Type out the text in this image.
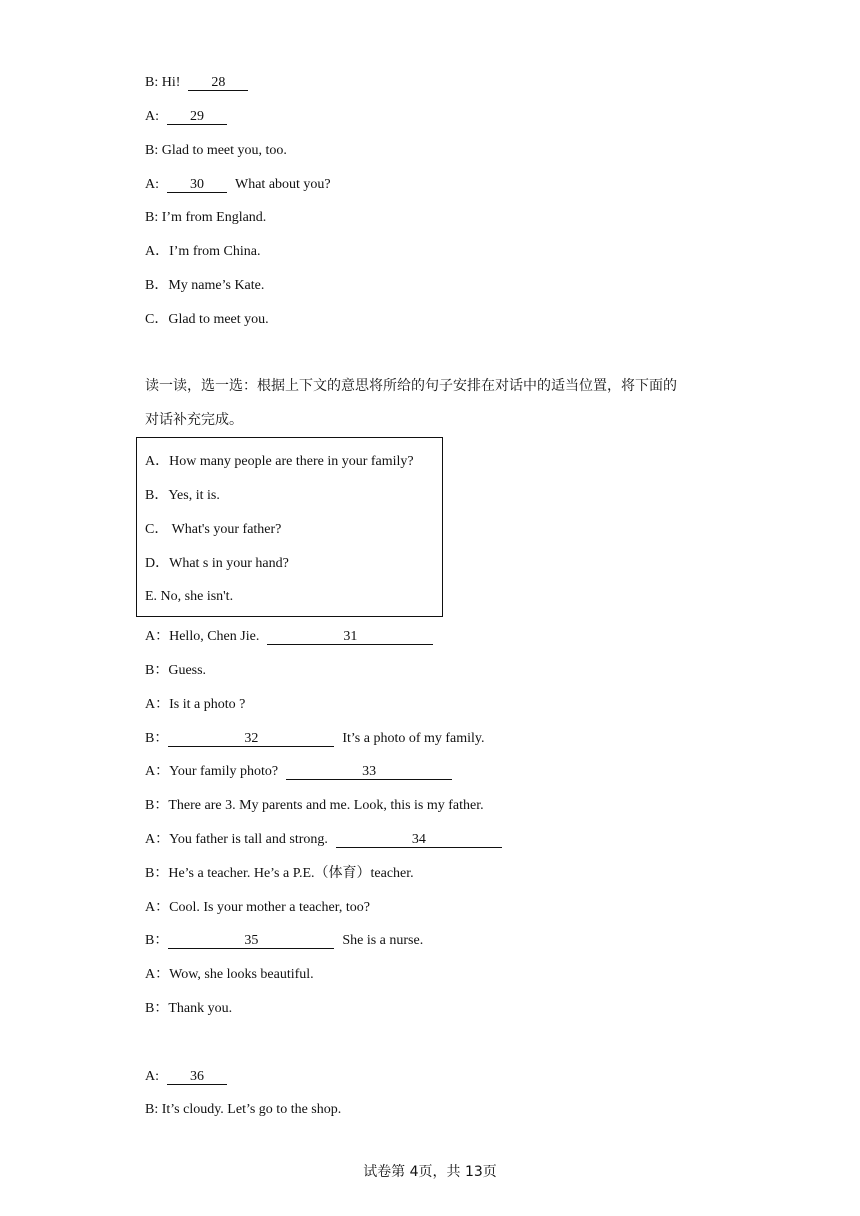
B: Hi! 28
A: 29
B: Glad to meet you, too.
A: 30 What about you?
B: I’m from England.
A．I’m from China.
B．My name’s Kate.
C．Glad to meet you.
读一读，选一选：根据上下文的意思将所给的句子安排在对话中的适当位置，将下面的
对话补充完成。
A．How many people are there in your family?
B．Yes, it is.
C． What's your father?
D．What s in your hand?
E. No, she isn't.
A：Hello, Chen Jie.	31
B：Guess.
A：Is it a photo ?
B：	32	It’s a photo of my family.
A：Your family photo?	33
B：There are 3. My parents and me. Look, this is my father.
A：You father is tall and strong.	34
B：He’s a teacher. He’s a P.E.（体育）teacher.
A：Cool. Is your mother a teacher, too?
B：	35	She is a nurse.
A：Wow, she looks beautiful.
B：Thank you.
A: 36
B: It’s cloudy. Let’s go to the shop.
试卷第 4页，共 13页
